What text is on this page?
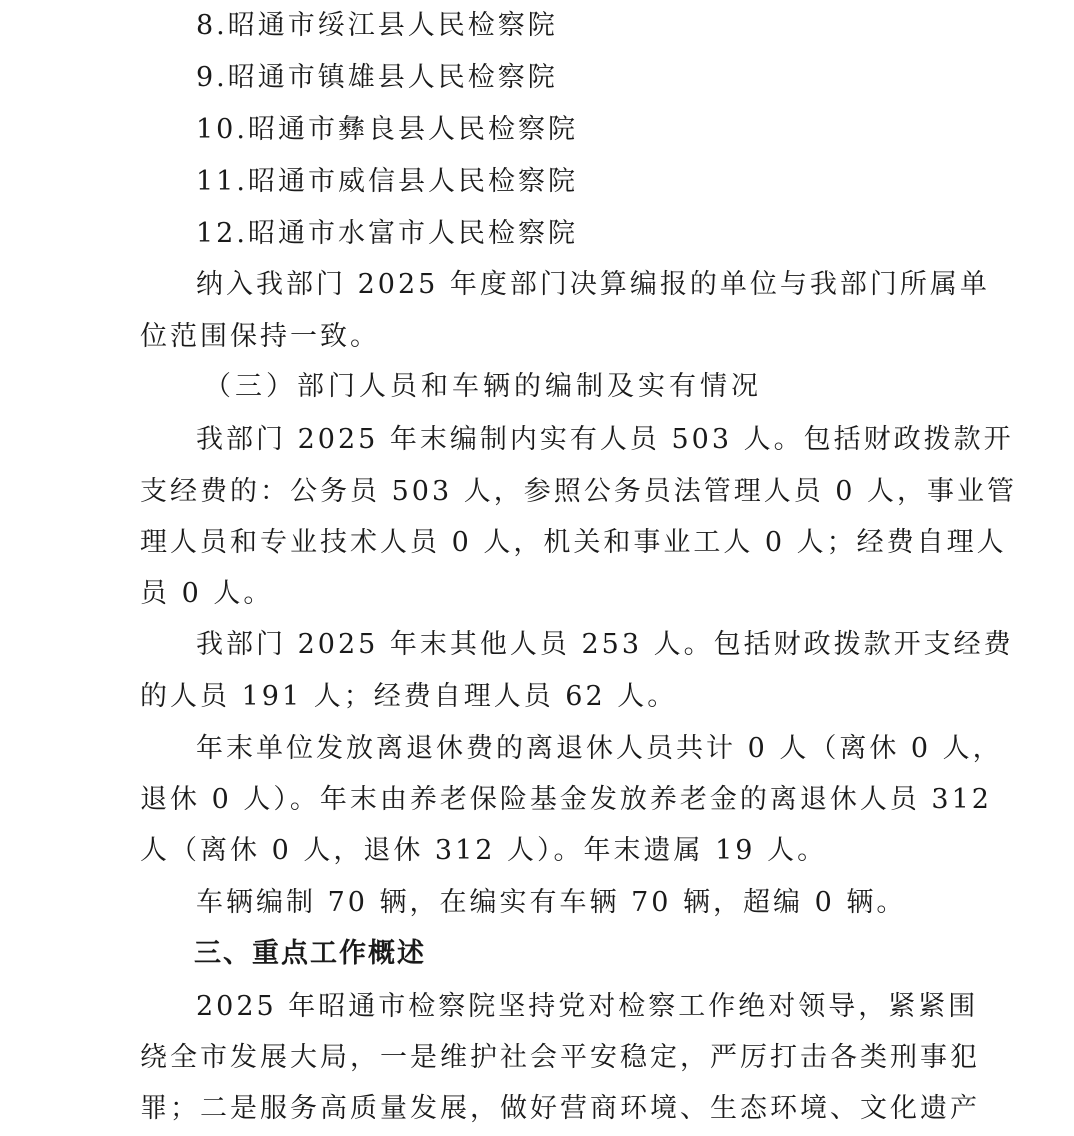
8.昭通市绥江县人民检察院
9.昭通市镇雄县人民检察院
10.昭通市彝良县人民检察院
11.昭通市威信县人民检察院
12.昭通市水富市人民检察院
纳入我部门 2025 年度部门决算编报的单位与我部门所属单
位范围保持一致。
（三）部门人员和车辆的编制及实有情况
我部门 2025 年末编制内实有人员 503 人。包括财政拨款开
支经费的：公务员 503 人，参照公务员法管理人员 0 人，事业管
理人员和专业技术人员 0 人，机关和事业工人 0 人；经费自理人
员 0 人。
我部门 2025 年末其他人员 253 人。包括财政拨款开支经费
的人员 191 人；经费自理人员 62 人。
年末单位发放离退休费的离退休人员共计 0 人（离休 0 人，
退休 0 人）。年末由养老保险基金发放养老金的离退休人员 312
人（离休 0 人，退休 312 人）。年末遗属 19 人。
车辆编制 70 辆，在编实有车辆 70 辆，超编 0 辆。
三、重点工作概述
2025 年昭通市检察院坚持党对检察工作绝对领导，紧紧围
绕全市发展大局，一是维护社会平安稳定，严厉打击各类刑事犯
罪；二是服务高质量发展，做好营商环境、生态环境、文化遗产
